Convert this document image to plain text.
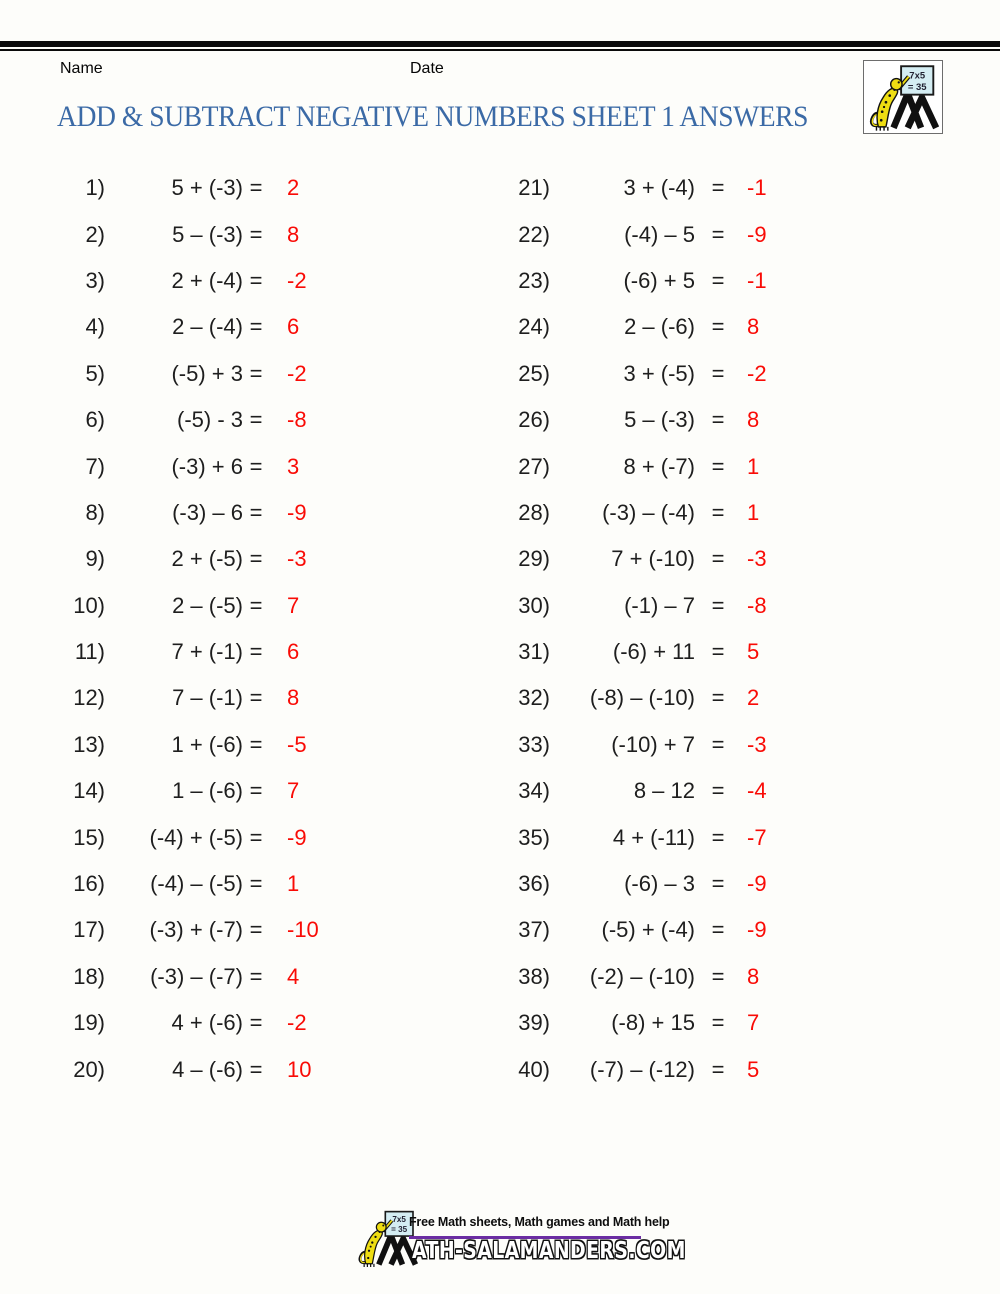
Name	Date
ADD & SUBTRACT NEGATIVE NUMBERS SHEET 1 ANSWERS
1)	5 + (-3) =	2
2)	5 – (-3) =	8
3)	2 + (-4) =	-2
4)	2 – (-4) =	6
5)	(-5) + 3 =	-2
6)	(-5) - 3 =	-8
7)	(-3) + 6 =	3
8)	(-3) – 6 =	-9
9)	2 + (-5) =	-3
10)	2 – (-5) =	7
11)	7 + (-1) =	6
12)	7 – (-1) =	8
13)	1 + (-6) =	-5
14)	1 – (-6) =	7
15)	(-4) + (-5) =	-9
16)	(-4) – (-5) =	1
17)	(-3) + (-7) =	-10
18)	(-3) – (-7) =	4
19)	4 + (-6) =	-2
20)	4 – (-6) =	10
21)	3 + (-4) =	-1
22)	(-4) – 5 =	-9
23)	(-6) + 5 =	-1
24)	2 – (-6) =	8
25)	3 + (-5) =	-2
26)	5 – (-3) =	8
27)	8 + (-7) =	1
28)	(-3) – (-4) =	1
29)	7 + (-10) =	-3
30)	(-1) – 7 =	-8
31)	(-6) + 11 =	5
32)	(-8) – (-10) =	2
33)	(-10) + 7 =	-3
34)	8 – 12 =	-4
35)	4 + (-11) =	-7
36)	(-6) – 3 =	-9
37)	(-5) + (-4) =	-9
38)	(-2) – (-10) =	8
39)	(-8) + 15 =	7
40)	(-7) – (-12) =	5
Free Math sheets, Math games and Math help
ATH-SALAMANDERS.COM
